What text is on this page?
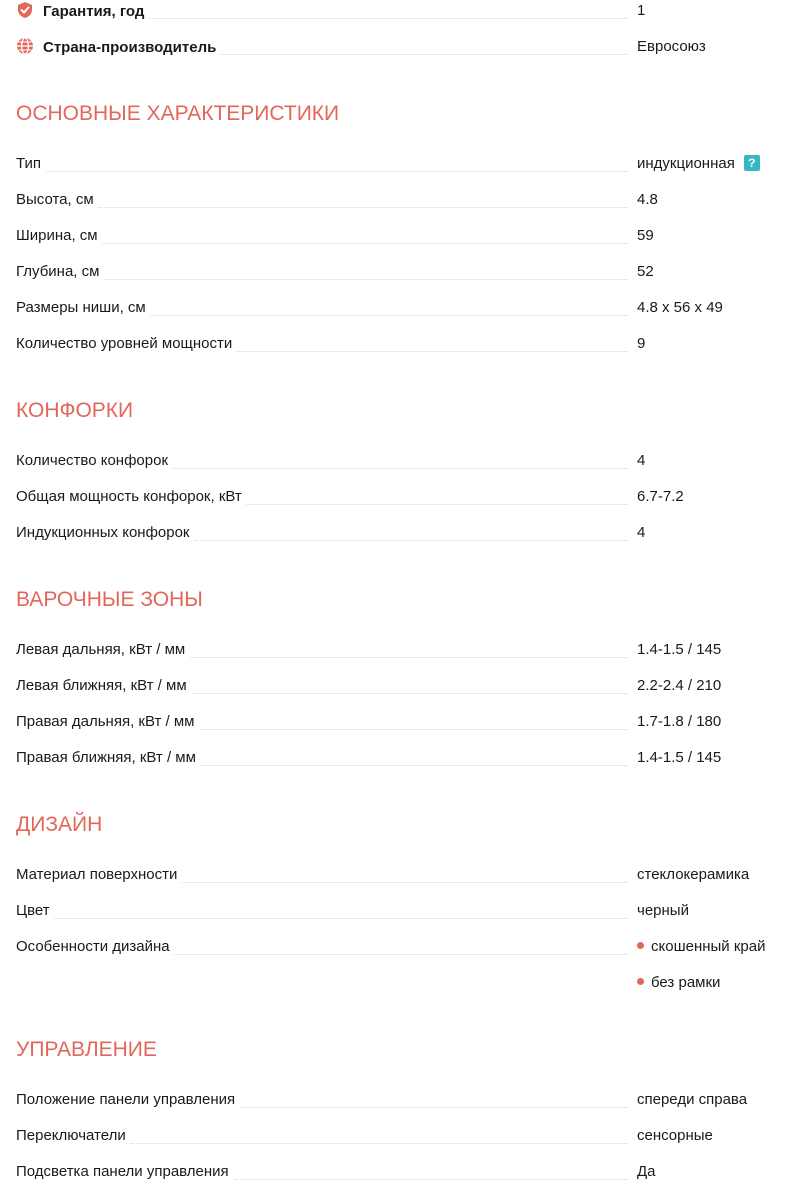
Гарантия, год	1
Страна-производитель	Евросоюз
ОСНОВНЫЕ ХАРАКТЕРИСТИКИ
Тип	индукционная ?
Высота, см	4.8
Ширина, см	59
Глубина, см	52
Размеры ниши, см	4.8 x 56 x 49
Количество уровней мощности	9
КОНФОРКИ
Количество конфорок	4
Общая мощность конфорок, кВт	6.7-7.2
Индукционных конфорок	4
ВАРОЧНЫЕ ЗОНЫ
Левая дальняя, кВт / мм	1.4-1.5 / 145
Левая ближняя, кВт / мм	2.2-2.4 / 210
Правая дальняя, кВт / мм	1.7-1.8 / 180
Правая ближняя, кВт / мм	1.4-1.5 / 145
ДИЗАЙН
Материал поверхности	стеклокерамика
Цвет	черный
Особенности дизайна	скошенный край
без рамки
УПРАВЛЕНИЕ
Положение панели управления	спереди справа
Переключатели	сенсорные
Подсветка панели управления	Да
